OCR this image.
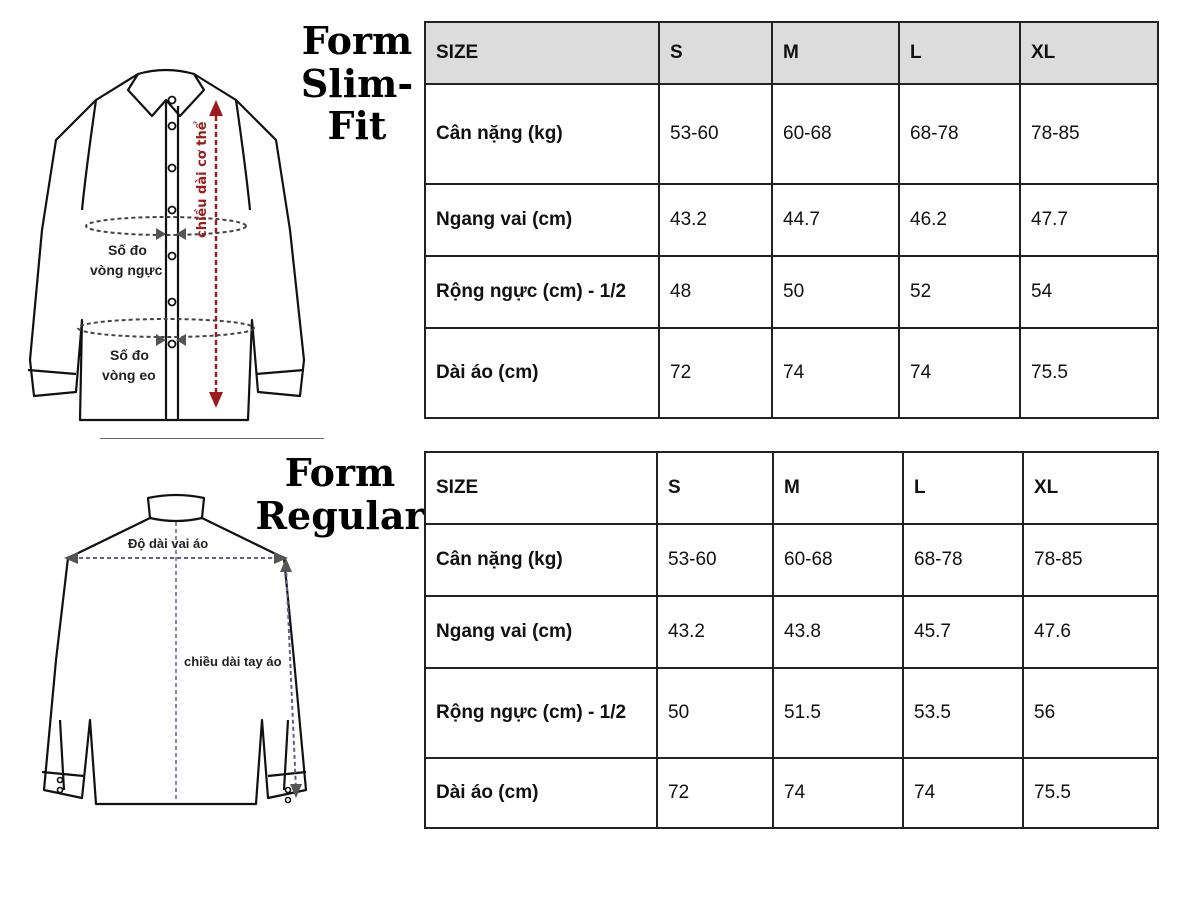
chiều dài cơ thể
Số đo
vòng ngực
Số đo
vòng eo
Form
Slim-
Fit
SIZE	S	M	L	XL
Cân nặng (kg)	53-60	60-68	68-78	78-85
Ngang vai (cm)	43.2	44.7	46.2	47.7
Rộng ngực (cm) - 1/2	48	50	52	54
Dài áo (cm)	72	74	74	75.5
Độ dài vai áo
chiều dài tay áo
Form
Regular
SIZE	S	M	L	XL
Cân nặng (kg)	53-60	60-68	68-78	78-85
Ngang vai (cm)	43.2	43.8	45.7	47.6
Rộng ngực (cm) - 1/2	50	51.5	53.5	56
Dài áo (cm)	72	74	74	75.5
